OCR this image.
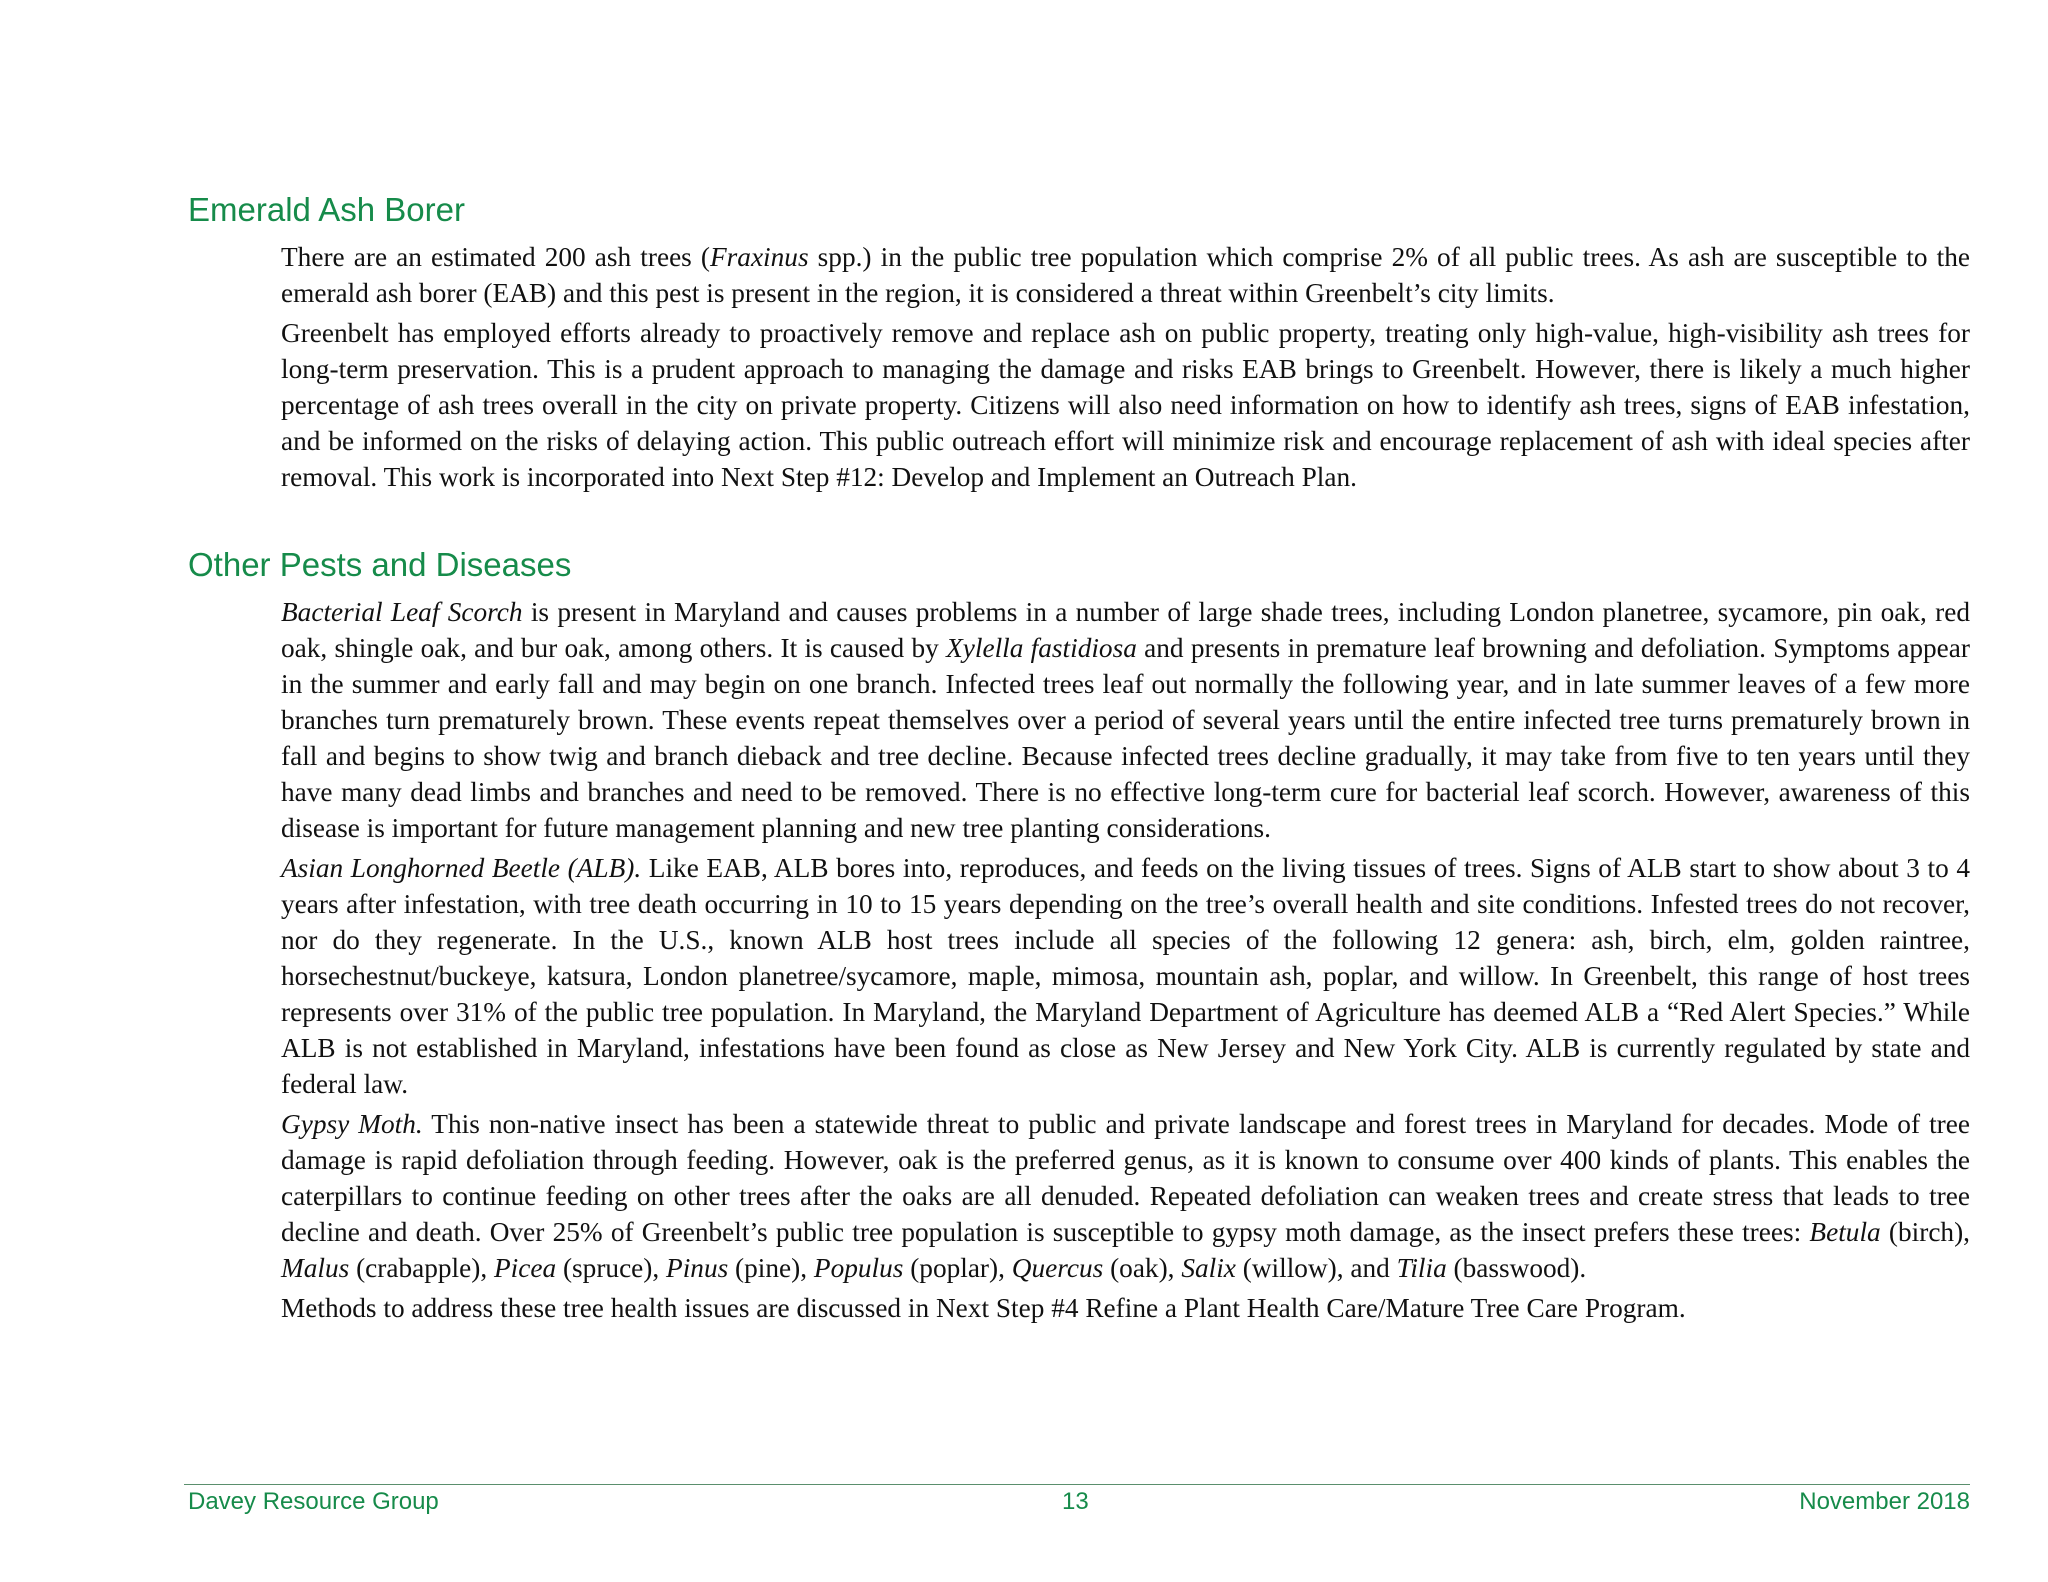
Emerald Ash Borer

There are an estimated 200 ash trees (Fraxinus spp.) in the public tree population which comprise 2% of all public trees. As ash are susceptible to the emerald ash borer (EAB) and this pest is present in the region, it is considered a threat within Greenbelt’s city limits.

Greenbelt has employed efforts already to proactively remove and replace ash on public property, treating only high-value, high-visibility ash trees for long-term preservation. This is a prudent approach to managing the damage and risks EAB brings to Greenbelt. However, there is likely a much higher percentage of ash trees overall in the city on private property. Citizens will also need information on how to identify ash trees, signs of EAB infestation, and be informed on the risks of delaying action. This public outreach effort will minimize risk and encourage replacement of ash with ideal species after removal. This work is incorporated into Next Step #12: Develop and Implement an Outreach Plan.

Other Pests and Diseases

Bacterial Leaf Scorch is present in Maryland and causes problems in a number of large shade trees, including London planetree, sycamore, pin oak, red oak, shingle oak, and bur oak, among others. It is caused by Xylella fastidiosa and presents in premature leaf browning and defoliation. Symptoms appear in the summer and early fall and may begin on one branch. Infected trees leaf out normally the following year, and in late summer leaves of a few more branches turn prematurely brown. These events repeat themselves over a period of several years until the entire infected tree turns prematurely brown in fall and begins to show twig and branch dieback and tree decline. Because infected trees decline gradually, it may take from five to ten years until they have many dead limbs and branches and need to be removed. There is no effective long-term cure for bacterial leaf scorch. However, awareness of this disease is important for future management planning and new tree planting considerations.

Asian Longhorned Beetle (ALB). Like EAB, ALB bores into, reproduces, and feeds on the living tissues of trees. Signs of ALB start to show about 3 to 4 years after infestation, with tree death occurring in 10 to 15 years depending on the tree’s overall health and site conditions. Infested trees do not recover, nor do they regenerate. In the U.S., known ALB host trees include all species of the following 12 genera: ash, birch, elm, golden raintree, horsechestnut/buckeye, katsura, London planetree/sycamore, maple, mimosa, mountain ash, poplar, and willow. In Greenbelt, this range of host trees represents over 31% of the public tree population. In Maryland, the Maryland Department of Agriculture has deemed ALB a “Red Alert Species.” While ALB is not established in Maryland, infestations have been found as close as New Jersey and New York City. ALB is currently regulated by state and federal law.

Gypsy Moth. This non-native insect has been a statewide threat to public and private landscape and forest trees in Maryland for decades. Mode of tree damage is rapid defoliation through feeding. However, oak is the preferred genus, as it is known to consume over 400 kinds of plants. This enables the caterpillars to continue feeding on other trees after the oaks are all denuded. Repeated defoliation can weaken trees and create stress that leads to tree decline and death. Over 25% of Greenbelt’s public tree population is susceptible to gypsy moth damage, as the insect prefers these trees: Betula (birch), Malus (crabapple), Picea (spruce), Pinus (pine), Populus (poplar), Quercus (oak), Salix (willow), and Tilia (basswood).

Methods to address these tree health issues are discussed in Next Step #4 Refine a Plant Health Care/Mature Tree Care Program.

Davey Resource Group	13	November 2018
